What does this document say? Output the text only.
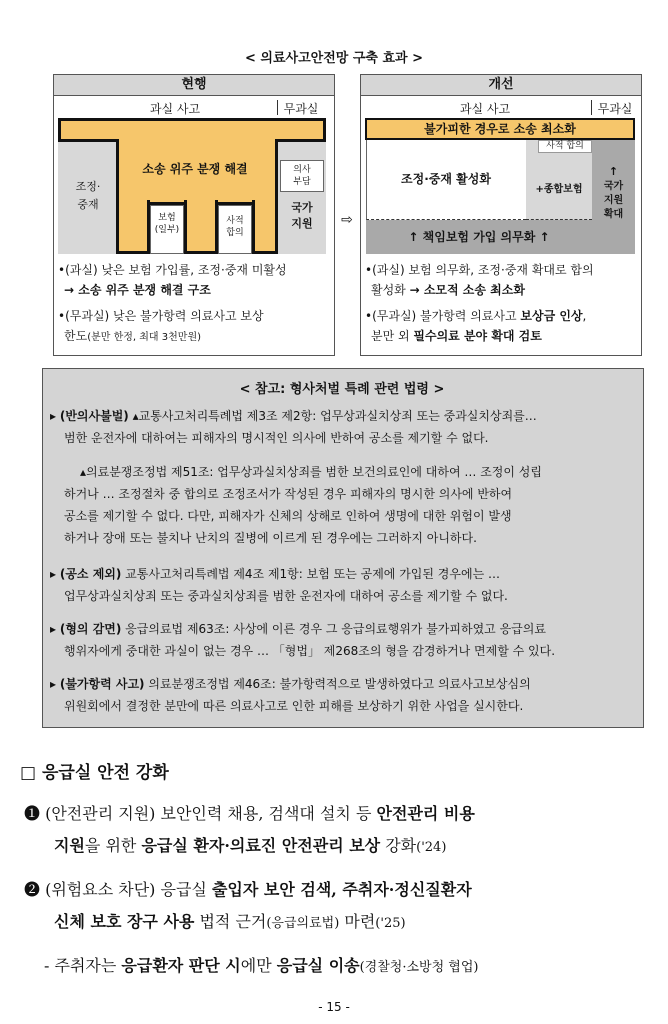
< 의료사고안전망 구축 효과 >
현행
과실 사고	무과실
소송 위주 분쟁 해결
조정·
중재
의사
부담
국가
지원
보험
(일부)
사적
합의
•(과실) 낮은 보험 가입률, 조정·중재 미활성
→ 소송 위주 분쟁 해결 구조
•(무과실) 낮은 불가항력 의료사고 보상
한도(분만 한정, 최대 3천만원)
⇨
개선
과실 사고	무과실
불가피한 경우로 소송 최소화
조정·중재 활성화
사적 합의
+종합보험
↑
국가
지원
확대
↑ 책임보험 가입 의무화 ↑
•(과실) 보험 의무화, 조정·중재 확대로 합의
활성화 → 소모적 소송 최소화
•(무과실) 불가항력 의료사고 보상금 인상,
분만 외 필수의료 분야 확대 검토
< 참고: 형사처벌 특례 관련 법령 >
▸ (반의사불벌) ▴교통사고처리특례법 제3조 제2항: 업무상과실치상죄 또는 중과실치상죄를…
범한 운전자에 대하여는 피해자의 명시적인 의사에 반하여 공소를 제기할 수 없다.
▴의료분쟁조정법 제51조: 업무상과실치상죄를 범한 보건의료인에 대하여 … 조정이 성립
하거나 … 조정절차 중 합의로 조정조서가 작성된 경우 피해자의 명시한 의사에 반하여
공소를 제기할 수 없다. 다만, 피해자가 신체의 상해로 인하여 생명에 대한 위험이 발생
하거나 장애 또는 불치나 난치의 질병에 이르게 된 경우에는 그러하지 아니하다.
▸ (공소 제외) 교통사고처리특례법 제4조 제1항: 보험 또는 공제에 가입된 경우에는 …
업무상과실치상죄 또는 중과실치상죄를 범한 운전자에 대하여 공소를 제기할 수 없다.
▸ (형의 감면) 응급의료법 제63조: 사상에 이른 경우 그 응급의료행위가 불가피하였고 응급의료
행위자에게 중대한 과실이 없는 경우 … 「형법」 제268조의 형을 감경하거나 면제할 수 있다.
▸ (불가항력 사고) 의료분쟁조정법 제46조: 불가항력적으로 발생하였다고 의료사고보상심의
위원회에서 결정한 분만에 따른 의료사고로 인한 피해를 보상하기 위한 사업을 실시한다.
□ 응급실 안전 강화
❶ (안전관리 지원) 보안인력 채용, 검색대 설치 등 안전관리 비용
지원을 위한 응급실 환자·의료진 안전관리 보상 강화('24)
❷ (위험요소 차단) 응급실 출입자 보안 검색, 주취자·정신질환자
신체 보호 장구 사용 법적 근거(응급의료법) 마련('25)
- 주취자는 응급환자 판단 시에만 응급실 이송(경찰청·소방청 협업)
- 15 -
